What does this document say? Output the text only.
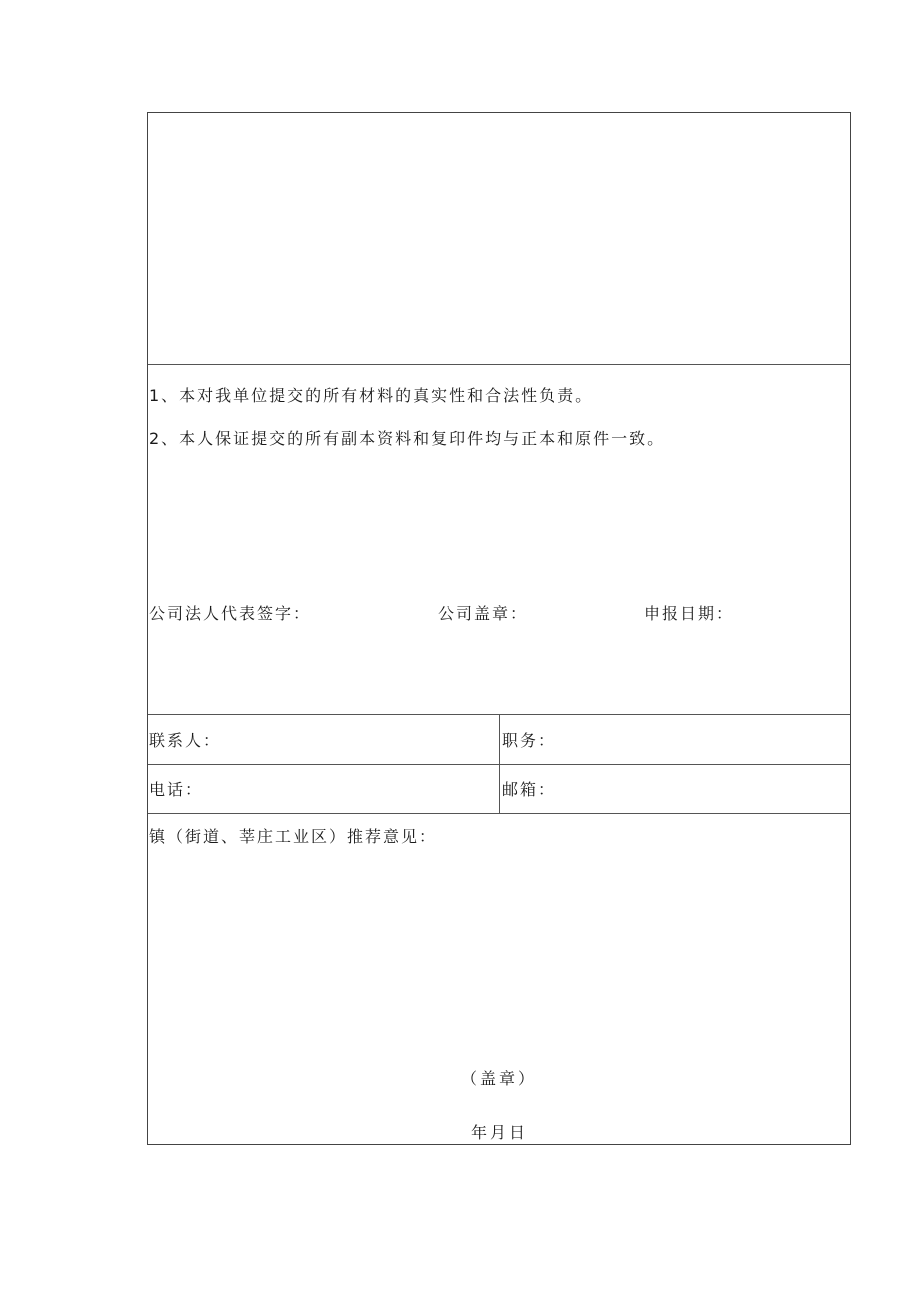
1、本对我单位提交的所有材料的真实性和合法性负责。
2、本人保证提交的所有副本资料和复印件均与正本和原件一致。
公司法人代表签字：	公司盖章：	申报日期：
联系人：	职务：
电话：	邮箱：
镇（街道、莘庄工业区）推荐意见：
（盖章）
年月日
